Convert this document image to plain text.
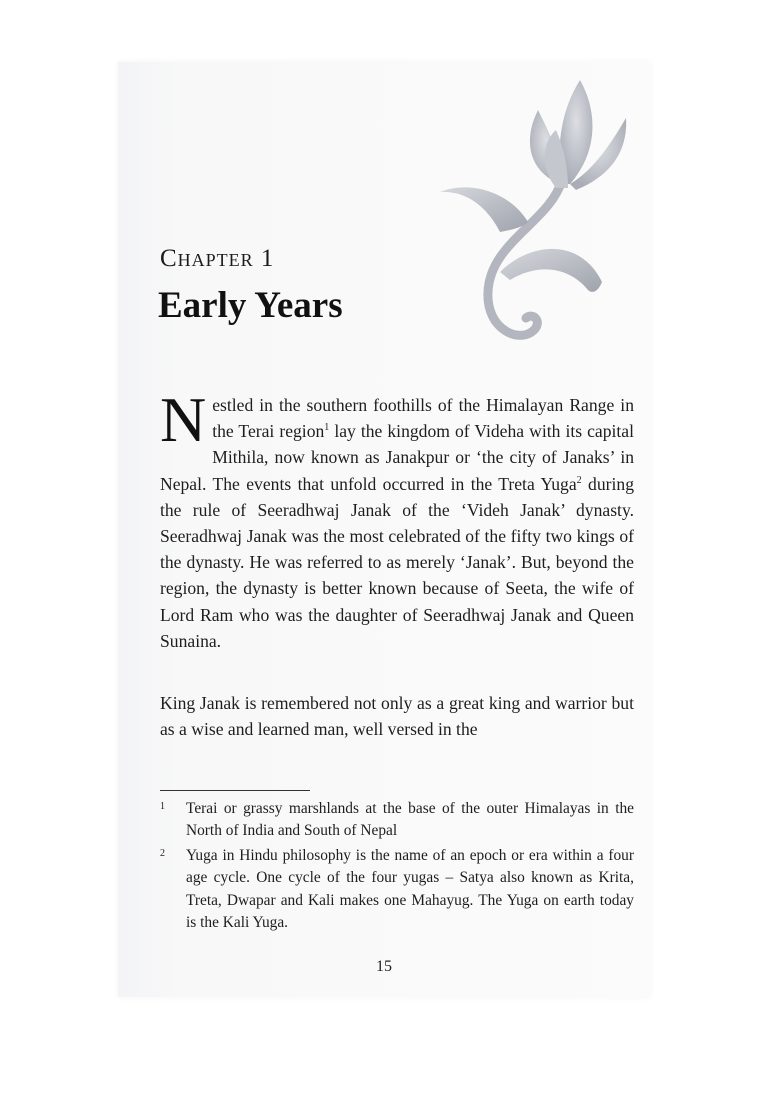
Chapter 1
Early Years
Nestled in the southern foothills of the Himalayan Range in the Terai region$^1$ lay the kingdom of Videha with its capital Mithila, now known as Janakpur or ‘the city of Janaks’ in Nepal. The events that unfold occurred in the Treta Yuga$^2$ during the rule of Seeradhwaj Janak of the ‘Videh Janak’ dynasty. Seeradhwaj Janak was the most celebrated of the fifty two kings of the dynasty. He was referred to as merely ‘Janak’. But, beyond the region, the dynasty is better known because of Seeta, the wife of Lord Ram who was the daughter of Seeradhwaj Janak and Queen Sunaina.
King Janak is remembered not only as a great king and warrior but as a wise and learned man, well versed in the
1	Terai or grassy marshlands at the base of the outer Himalayas in the North of India and South of Nepal
2	Yuga in Hindu philosophy is the name of an epoch or era within a four age cycle. One cycle of the four yugas – Satya also known as Krita, Treta, Dwapar and Kali makes one Mahayug. The Yuga on earth today is the Kali Yuga.
15
